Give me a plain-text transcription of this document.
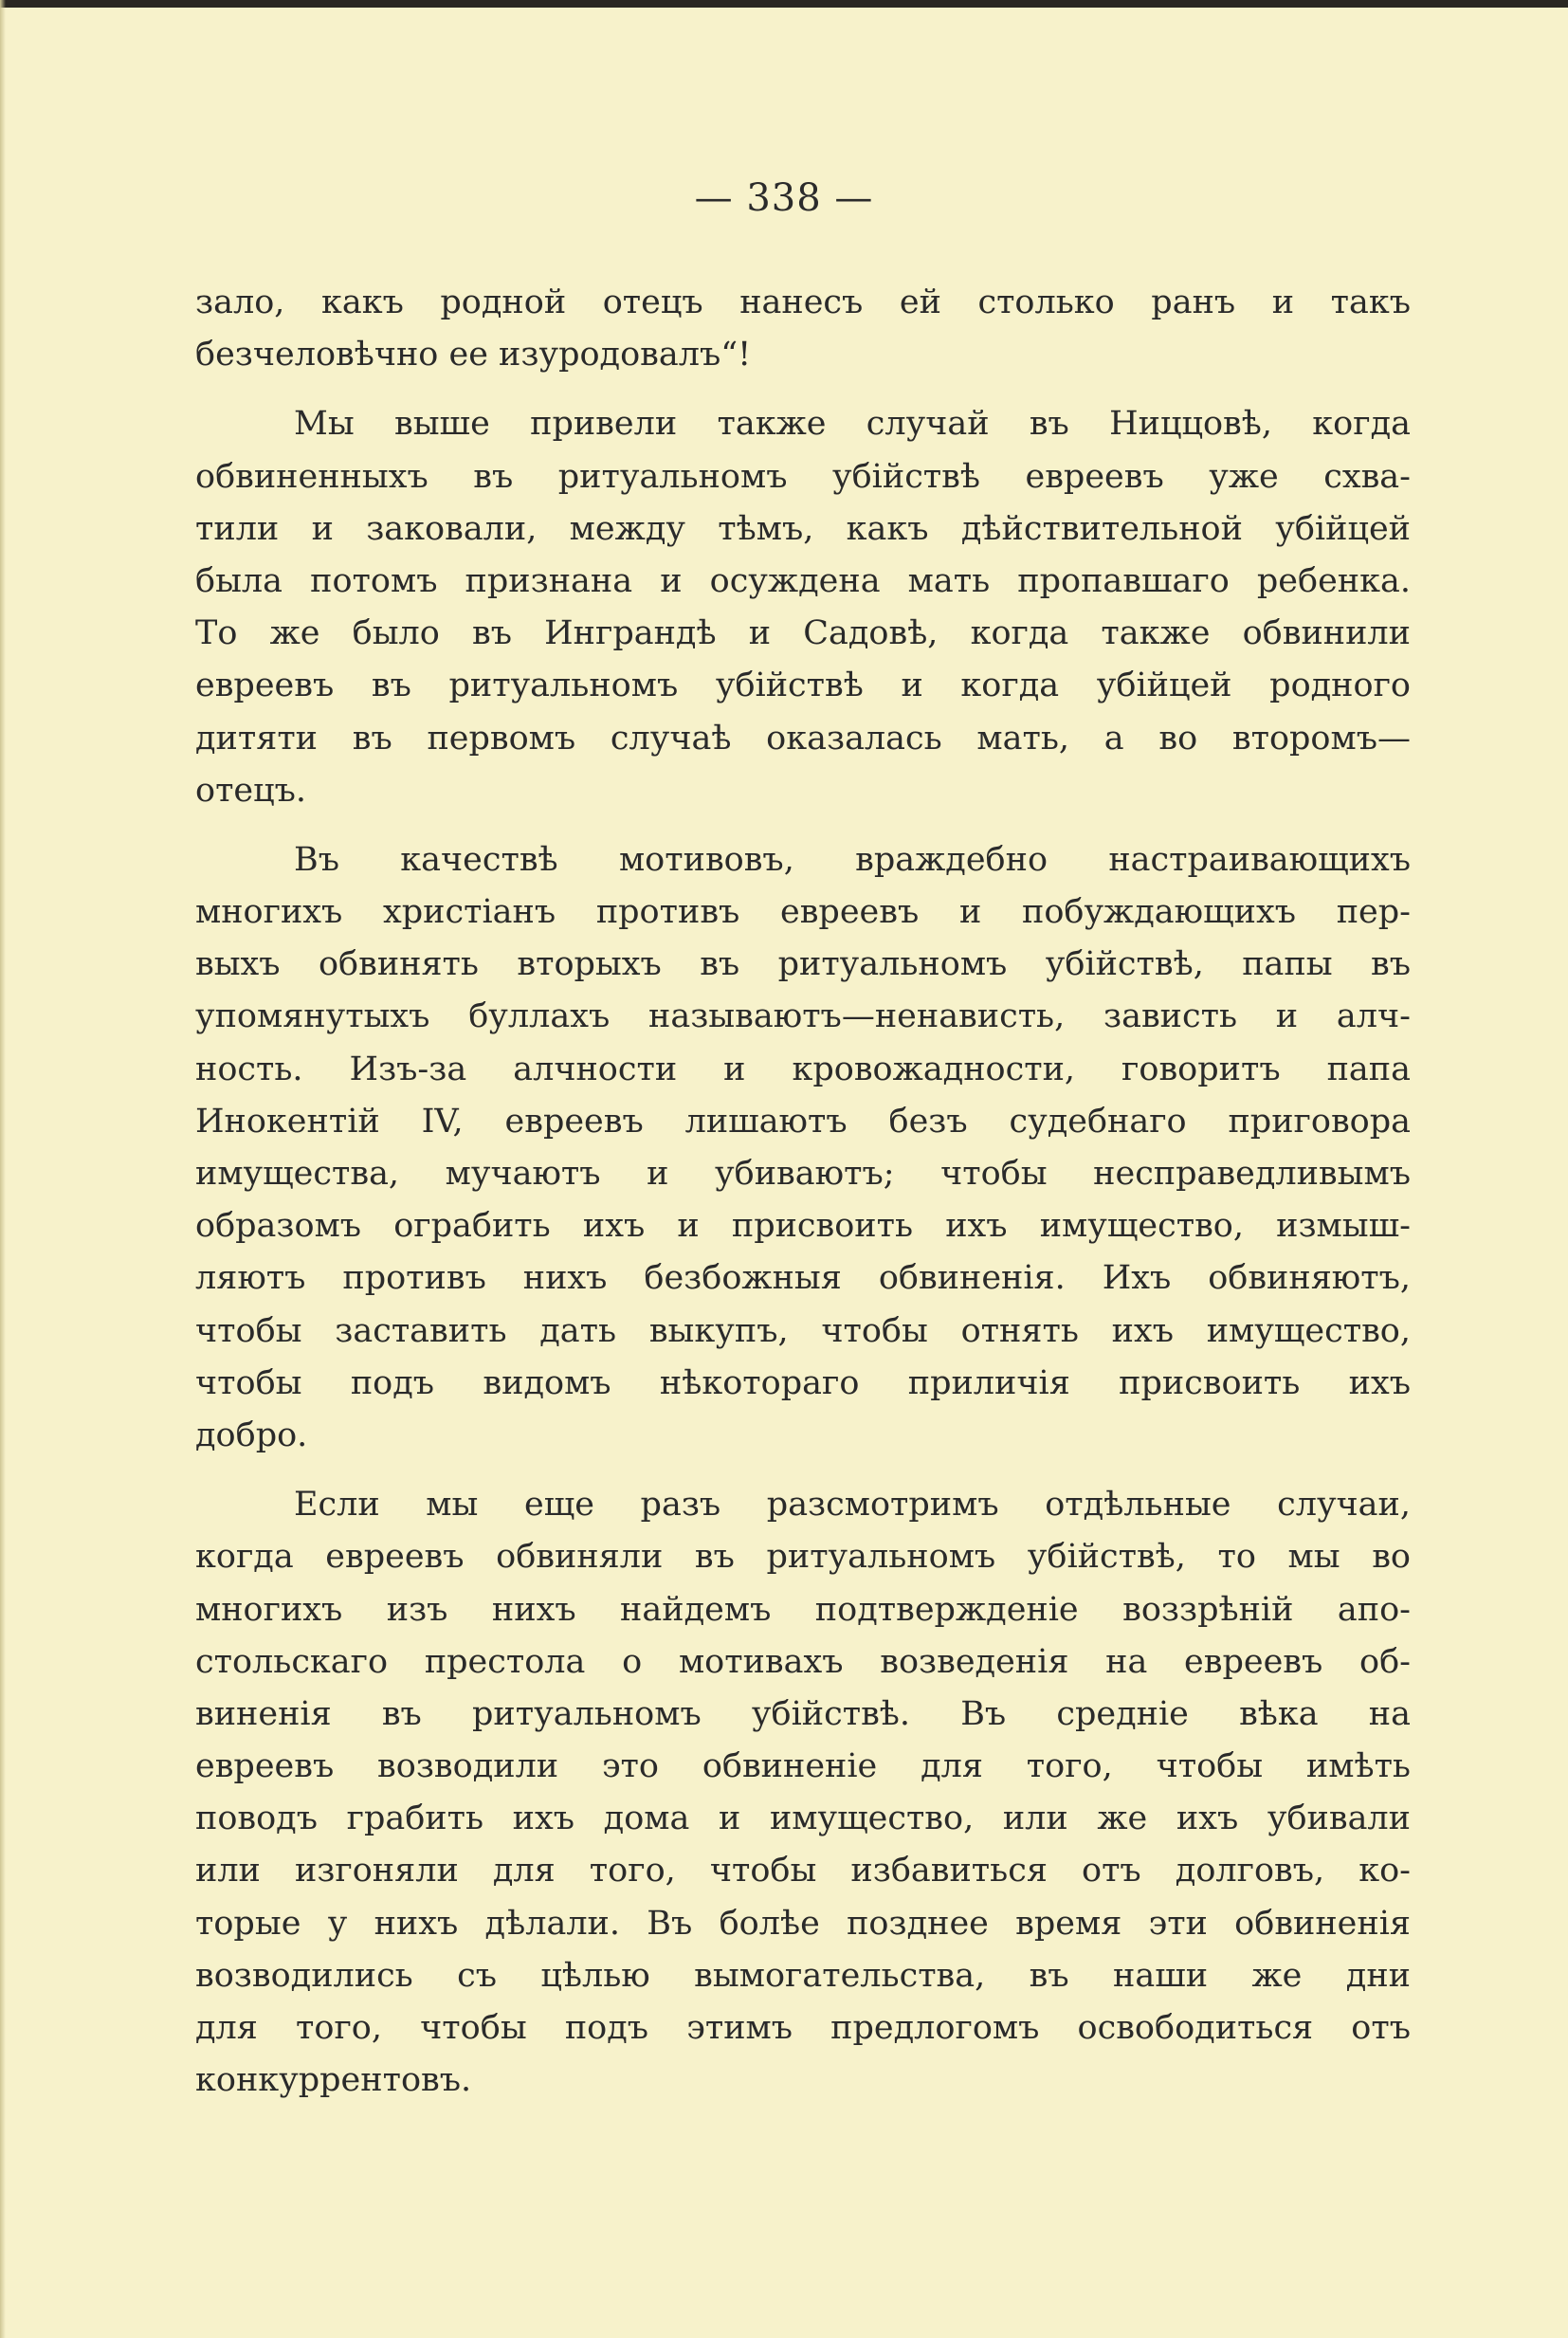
— 338 —
зало, какъ родной отецъ нанесъ ей столько ранъ и такъ
безчеловѣчно ее изуродовалъ“!
Мы выше привели также случай въ Ниццовѣ, когда
обвиненныхъ въ ритуальномъ убійствѣ евреевъ уже схва-
тили и заковали, между тѣмъ, какъ дѣйствительной убійцей
была потомъ признана и осуждена мать пропавшаго ребенка.
То же было въ Инграндѣ и Садовѣ, когда также обвинили
евреевъ въ ритуальномъ убійствѣ и когда убійцей родного
дитяти въ первомъ случаѣ оказалась мать, а во второмъ—
отецъ.
Въ качествѣ мотивовъ, враждебно настраивающихъ
многихъ христіанъ противъ евреевъ и побуждающихъ пер-
выхъ обвинять вторыхъ въ ритуальномъ убійствѣ, папы въ
упомянутыхъ буллахъ называютъ—ненависть, зависть и алч-
ность. Изъ-за алчности и кровожадности, говоритъ папа
Инокентій IV, евреевъ лишаютъ безъ судебнаго приговора
имущества, мучаютъ и убиваютъ; чтобы несправедливымъ
образомъ ограбить ихъ и присвоить ихъ имущество, измыш-
ляютъ противъ нихъ безбожныя обвиненія. Ихъ обвиняютъ,
чтобы заставить дать выкупъ, чтобы отнять ихъ имущество,
чтобы подъ видомъ нѣкотораго приличія присвоить ихъ
добро.
Если мы еще разъ разсмотримъ отдѣльные случаи,
когда евреевъ обвиняли въ ритуальномъ убійствѣ, то мы во
многихъ изъ нихъ найдемъ подтвержденіе воззрѣній апо-
стольскаго престола о мотивахъ возведенія на евреевъ об-
виненія въ ритуальномъ убійствѣ. Въ средніе вѣка на
евреевъ возводили это обвиненіе для того, чтобы имѣть
поводъ грабить ихъ дома и имущество, или же ихъ убивали
или изгоняли для того, чтобы избавиться отъ долговъ, ко-
торые у нихъ дѣлали. Въ болѣе позднее время эти обвиненія
возводились съ цѣлью вымогательства, въ наши же дни
для того, чтобы подъ этимъ предлогомъ освободиться отъ
конкуррентовъ.
